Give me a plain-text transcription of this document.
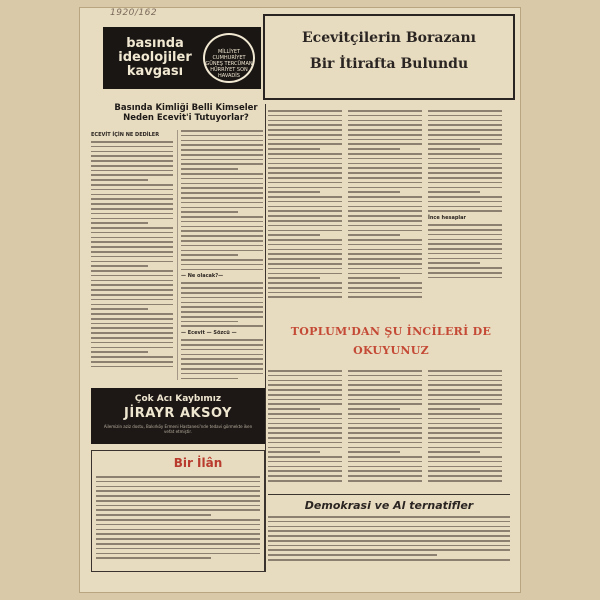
1920/162
basında ideolojiler kavgası
MİLLİYET CUMHURİYET GÜNEŞ TERCÜMAN HÜRRİYET SON HAVADİS
Ecevitçilerin Borazanı
Bir İtirafta Bulundu
Basında Kimliği Belli Kimseler Neden Ecevit'i Tutuyorlar?
ECEVİT İÇİN NE DEDİLER
— Ne olacak?—
— Ecevit — Sözcü —
İnce hesaplar
TOPLUM'DAN ŞU İNCİLERİ DE
OKUYUNUZ
Çok Acı Kaybımız
JİRAYR AKSOY
Ailemizin aziz dostu, Bakırköy Ermeni Hastanesi'nde tedavi görmekte iken vefat etmiştir.
Bir İlân
Demokrasi ve Al ternatifler
